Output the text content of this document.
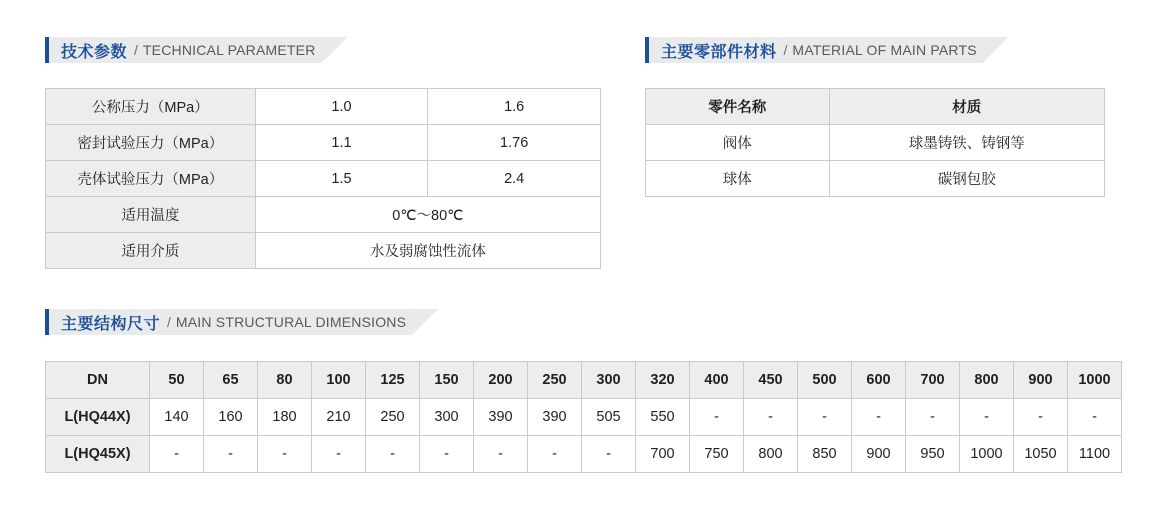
技术参数 / TECHNICAL PARAMETER	主要零部件材料 / MATERIAL OF MAIN PARTS
主要结构尺寸 / MAIN STRUCTURAL DIMENSIONS
公称压力（MPa）	1.0	1.6
密封试验压力（MPa）	1.1	1.76
壳体试验压力（MPa）	1.5	2.4
适用温度	0℃～80℃	
适用介质	水及弱腐蚀性流体	
零件名称	材质
阀体	球墨铸铁、铸钢等
球体	碳钢包胶
DN	50	65	80	100	125	150	200	250	300	320	400	450	500	600	700	800	900	1000
L(HQ44X)	140	160	180	210	250	300	390	390	505	550	-	-	-	-	-	-	-	-
L(HQ45X)	-	-	-	-	-	-	-	-	-	700	750	800	850	900	950	1000	1050	1100
